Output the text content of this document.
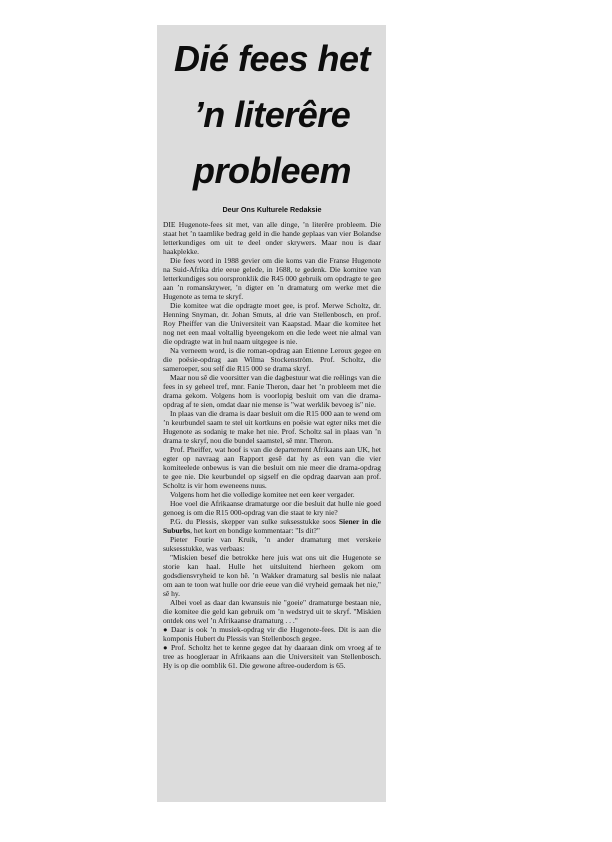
Dié fees het
’n literêre
probleem
Deur Ons Kulturele Redaksie

DIE Hugenote-fees sit met, van alle dinge, ’n literêre probleem. Die staat het ’n taamlike bedrag geld in die hande geplaas van vier Bolandse letterkundiges om uit te deel onder skrywers. Maar nou is daar haakplekke.

Die fees word in 1988 gevier om die koms van die Franse Hugenote na Suid-Afrika drie eeue gelede, in 1688, te gedenk. Die komitee van letterkundiges sou oorspronklik die R45 000 gebruik om opdragte te gee aan ’n romanskrywer, ’n digter en ’n dramaturg om werke met die Hugenote as tema te skryf.

Die komitee wat die opdragte moet gee, is prof. Merwe Scholtz, dr. Henning Snyman, dr. Johan Smuts, al drie van Stellenbosch, en prof. Roy Pheiffer van die Universiteit van Kaapstad. Maar die komitee het nog net een maal voltallig byeengekom en die lede weet nie almal van die opdragte wat in hul naam uitgegee is nie.

Na verneem word, is die roman-opdrag aan Etienne Leroux gegee en die poësie-opdrag aan Wilma Stockenström. Prof. Scholtz, die sameroeper, sou self die R15 000 se drama skryf.

Maar nou sê die voorsitter van die dagbestuur wat die reëlings van die fees in sy geheel tref, mnr. Fanie Theron, daar het ’n probleem met die drama gekom. Volgens hom is voorlopig besluit om van die drama-opdrag af te sien, omdat daar nie mense is "wat werklik bevoeg is" nie.

In plaas van die drama is daar besluit om die R15 000 aan te wend om ’n keurbundel saam te stel uit kortkuns en poësie wat egter niks met die Hugenote as sodanig te make het nie. Prof. Scholtz sal in plaas van ’n drama te skryf, nou die bundel saamstel, sê mnr. Theron.

Prof. Pheiffer, wat hoof is van die departement Afrikaans aan UK, het egter op navraag aan Rapport gesê dat hy as een van die vier komiteelede onbewus is van die besluit om nie meer die drama-opdrag te gee nie. Die keurbundel op sigself en die opdrag daarvan aan prof. Scholtz is vir hom eweneens nuus.

Volgens hom het die volledige komitee net een keer vergader.

Hoe voel die Afrikaanse dramaturge oor die besluit dat hulle nie goed genoeg is om die R15 000-opdrag van die staat te kry nie?

P.G. du Plessis, skepper van sulke suksesstukke soos Siener in die Suburbs, het kort en bondige kommentaar: "Is dit?"

Pieter Fourie van Kruik, ’n ander dramaturg met verskeie suksesstukke, was verbaas:

"Miskien besef die betrokke here juis wat ons uit die Hugenote se storie kan haal. Hulle het uitsluitend hierheen gekom om godsdiensvryheid te kon hê. ’n Wakker dramaturg sal beslis nie nalaat om aan te toon wat hulle oor drie eeue van dié vryheid gemaak het nie," sê hy.

Albei voel as daar dan kwansuis nie "goeie" dramaturge bestaan nie, die komitee die geld kan gebruik om ’n wedstryd uit te skryf. "Miskien ontdek ons wel ’n Afrikaanse dramaturg . . ."

● Daar is ook ’n musiek-opdrag vir die Hugenote-fees. Dit is aan die komponis Hubert du Plessis van Stellenbosch gegee.

● Prof. Scholtz het te kenne gegee dat hy daaraan dink om vroeg af te tree as hoogleraar in Afrikaans aan die Universiteit van Stellenbosch. Hy is op die oomblik 61. Die gewone aftree-ouderdom is 65.
